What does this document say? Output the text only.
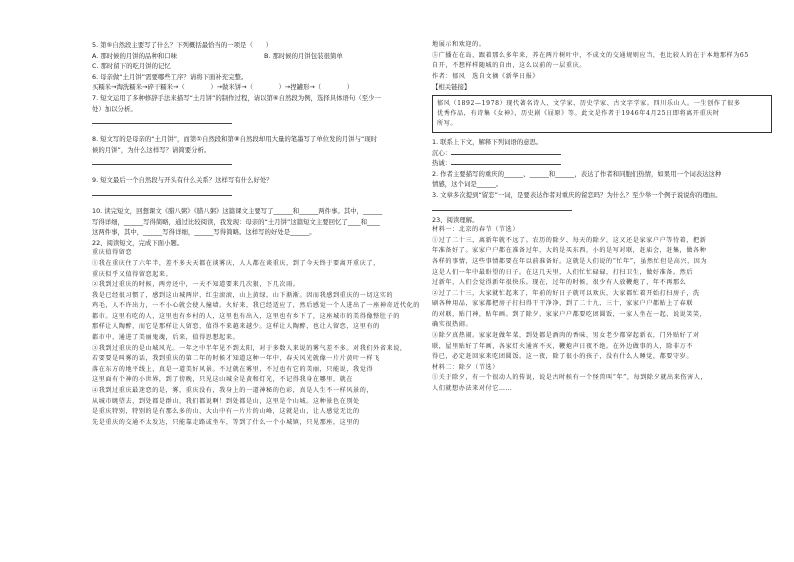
5. 第⑤自然段主要写了什么？下列概括最恰当的一项是（　　）
A. 那时候的月饼的品种和口味	B. 那时候的月饼包装很简单
C. 那时留下的吃月饼的记忆
6. 母亲做“土月饼”需要哪些工序？请将下面补充完整。
买糯米→淘洗糯米→碎干糯米→（　　　　）→做米饼→（　　　　）→捏罐形→（　　　　）
7. 短文运用了多种修辞手法来描写“土月饼”的制作过程，请以第⑥自然段为例，选择具体语句（至少一
处）加以分析。
8. 短文写的是母亲的“土月饼”，而第①自然段和第⑧自然段却用大量的笔墨写了单位发的月饼与“现时
候的月饼”，为什么这样写？请简要分析。
9. 短文最后一个自然段与开头有什么关系？这样写有什么好处？
10. 读完短文，回想课文《腊八粥》《腊八粥》这篇课文主要写了______和______两件事。其中，______
写得详细，______写得简略，通过比较阅读，我发现：母亲的“土月饼”这篇短文主要回忆了____和____
这两件事，其中，______写得详细，______写得简略。这样写的好处是______。
22、阅读短文，完成下面小题。
重庆值得留恋
①我在重庆住了六年半，差不多天天都在谈雾庆，人人都在谈重庆，到了今天终于要离开重庆了，
重庆似乎又值得留恋起来。
②我到过重庆的时候，两旁还中，一天不知道要来几次狠，下几次雨。
我是已经很习惯了，感到这山城两岸，红尘滚滚，山上黄绿，山下渐渐。因而我感到重庆的一切这实的
鸡毛，人不许出力，一不小心就会使人撞墙。火好来，我已经适应了，然后感觉一个人进出了一座神奇近代化的
都市。这里有吃的人，这里也有乡村的人，这里也有出入，这里也有乡下了，这座城市的美得像整肚子的
那样让人陶醉，而它是那样让人留恋，值得不来越来越少。这样让人陶醉，也让人留恋，这里有的
都市中，通进了美丽鬼魂，后来，值得思想起来。
③我到过重庆的是山城风光。一年之中半年见不到太阳，对于多数人来说的雾气差不多。对我们外省来说，
若要要是叫雾的话，我到重庆的第二年的时候才知道这种一年中，春天风光就像一片片黄叶一样飞
落在东方的地平线上，真是一道美好风景。不过就在雾里，不过也有它的美丽，只能说，我觉得
这里面有个神的小世界，到了傍晚，只见这山城全是黄和灯光，不记得我身在哪里，就在
④我到过重庆最迷恋的是，雾，重庆没有，我身上的一道神秘的色彩，真是人生不一样风景的，
从城市眺望去，到处都是群山，我们都说啊！到处都是山，这里是个山城。这种景色在别处
是重庆特别，特别的是有那么多的山，大山中有一片片的山峰，这就是山，让人感觉无比的
先是重庆的交通不太发达，只能靠走路或坐车，等到了什么一个小城镇，只见那座，这里的
地展示和欢迎的。
⑤广播在在岛，跟着那么多年来，养在两片树叶中，不成文的交通规则应当，也比较人的在于本地那样为65
自开，不想样样随城的自由，这么以前的一层重庆。
作者：郁风　选自文摘《新华日报》
【相关链接】
郁风（1892—1978）现代著名诗人、文学家、历史学家、古文字学家。四川乐山人。一生创作了很多
优秀作品，有诗集《女神》、历史剧《屈原》等。此文是作者于1946年4月25日即将离开重庆时
所写。
1. 联系上下文，解释下列词语的意思。
沉心：
热诚：
2. 作者主要描写的重庆的______、______和______，表达了作者和同胞们热情，如果用一个词表达这种
情感，这个词是______。
3. 文章多次提到“留恋”一词，是要表达作者对重庆的留恋吗？为什么？至少举一个例子说说你的理由。
23、阅读理解。
材料一：北京的春节（节选）
①过了二十三，离新年就不远了。农历的除夕、每天的除夕，这又还是家家户户等待着，把新
年准备好了。家家户户都在准备过年，大的是买东西，小的是写对联，赶庙会，赶集，做各种
各样的事情，这些事情都要在年以前准备好。这就是人们说的“忙年”，虽然忙但是高兴，因为
这是人们一年中最盼望的日子。在这几天里，人们忙忙碌碌，打扫卫生，做好准备。然后
过新年，人们会觉得新年很快乐。现在，过年的时候，很少有人放鞭炮了，年不再那么
②过了二十三，大家就忙起来了，年前的好日子就可以欢庆，大家都忙着开始打扫房子，洗
刷各种用品，家家都把房子打扫得干干净净，到了二十九、三十，家家户户都贴上了春联
的对联，贴门神，贴年画。到了除夕，家家户户都要吃团圆饭，一家人坐在一起，说说笑笑，
确实很热闹。
③除夕真热闹。家家赶做年菜，到处都是酒肉的香味，男女老少都穿起新衣，门外贴好了对
联，屋里贴好了年画，各家灯火通宵不灭，鞭炮声日夜不绝。在外边做事的人，除非万不
得已，必定赶回家来吃团圆饭。这一夜，除了很小的孩子，没有什么人睡觉，都要守岁。
材料二：除夕（节选）
①关于除夕，有一个很动人的传说，说是古时候有一个怪兽叫“年”，每到除夕就出来伤害人，
人们就想办法来对付它……
